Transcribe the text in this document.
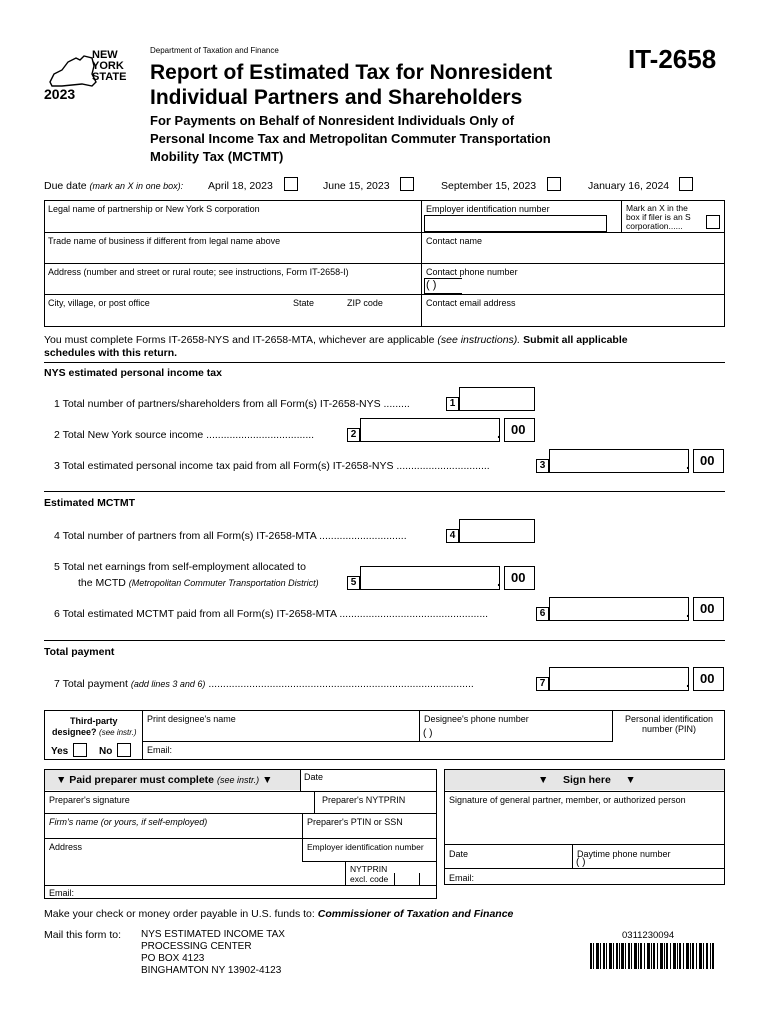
NEW
YORK
STATE
2023
Department of Taxation and Finance
Report of Estimated Tax for Nonresident
Individual Partners and Shareholders
For Payments on Behalf of Nonresident Individuals Only of
Personal Income Tax and Metropolitan Commuter Transportation
Mobility Tax (MCTMT)
IT-2658
Due date (mark an X in one box): April 18, 2023	June 15, 2023	September 15, 2023	January 16, 2024
Legal name of partnership or New York S corporation	Employer identification number	Mark an X in the box if filer is an S corporation......
Trade name of business if different from legal name above	Contact name
Address (number and street or rural route; see instructions, Form IT-2658-I)	Contact phone number
( )
City, village, or post office	State	ZIP code	Contact email address
You must complete Forms IT-2658-NYS and IT-2658-MTA, whichever are applicable (see instructions). Submit all applicable
schedules with this return.
NYS estimated personal income tax
1 Total number of partners/shareholders from all Form(s) IT-2658-NYS .........	1
2 Total New York source income .....................................	2	. 00
3 Total estimated personal income tax paid from all Form(s) IT-2658-NYS ................................	3	. 00
Estimated MCTMT
4 Total number of partners from all Form(s) IT-2658-MTA ..............................	4
5 Total net earnings from self-employment allocated to
the MCTD (Metropolitan Commuter Transportation District)	5	. 00
6 Total estimated MCTMT paid from all Form(s) IT-2658-MTA ...................................................	6	. 00
Total payment
7 Total payment (add lines 3 and 6) ...........................................................................................	7	. 00
Third-party
designee? (see instr.)
Yes	No
Print designee's name	Designee's phone number
( )
Personal identification number (PIN)
Email:
▼ Paid preparer must complete (see instr.) ▼	Date
Preparer's signature	Preparer's NYTPRIN
Firm's name (or yours, if self-employed)	Preparer's PTIN or SSN
Address	Employer identification number
NYTPRIN
excl. code
Email:
▼     Sign here     ▼
Signature of general partner, member, or authorized person
Date	Daytime phone number
( )
Email:
Make your check or money order payable in U.S. funds to: Commissioner of Taxation and Finance
Mail this form to: NYS ESTIMATED INCOME TAX
PROCESSING CENTER
PO BOX 4123
BINGHAMTON NY 13902-4123
0311230094
